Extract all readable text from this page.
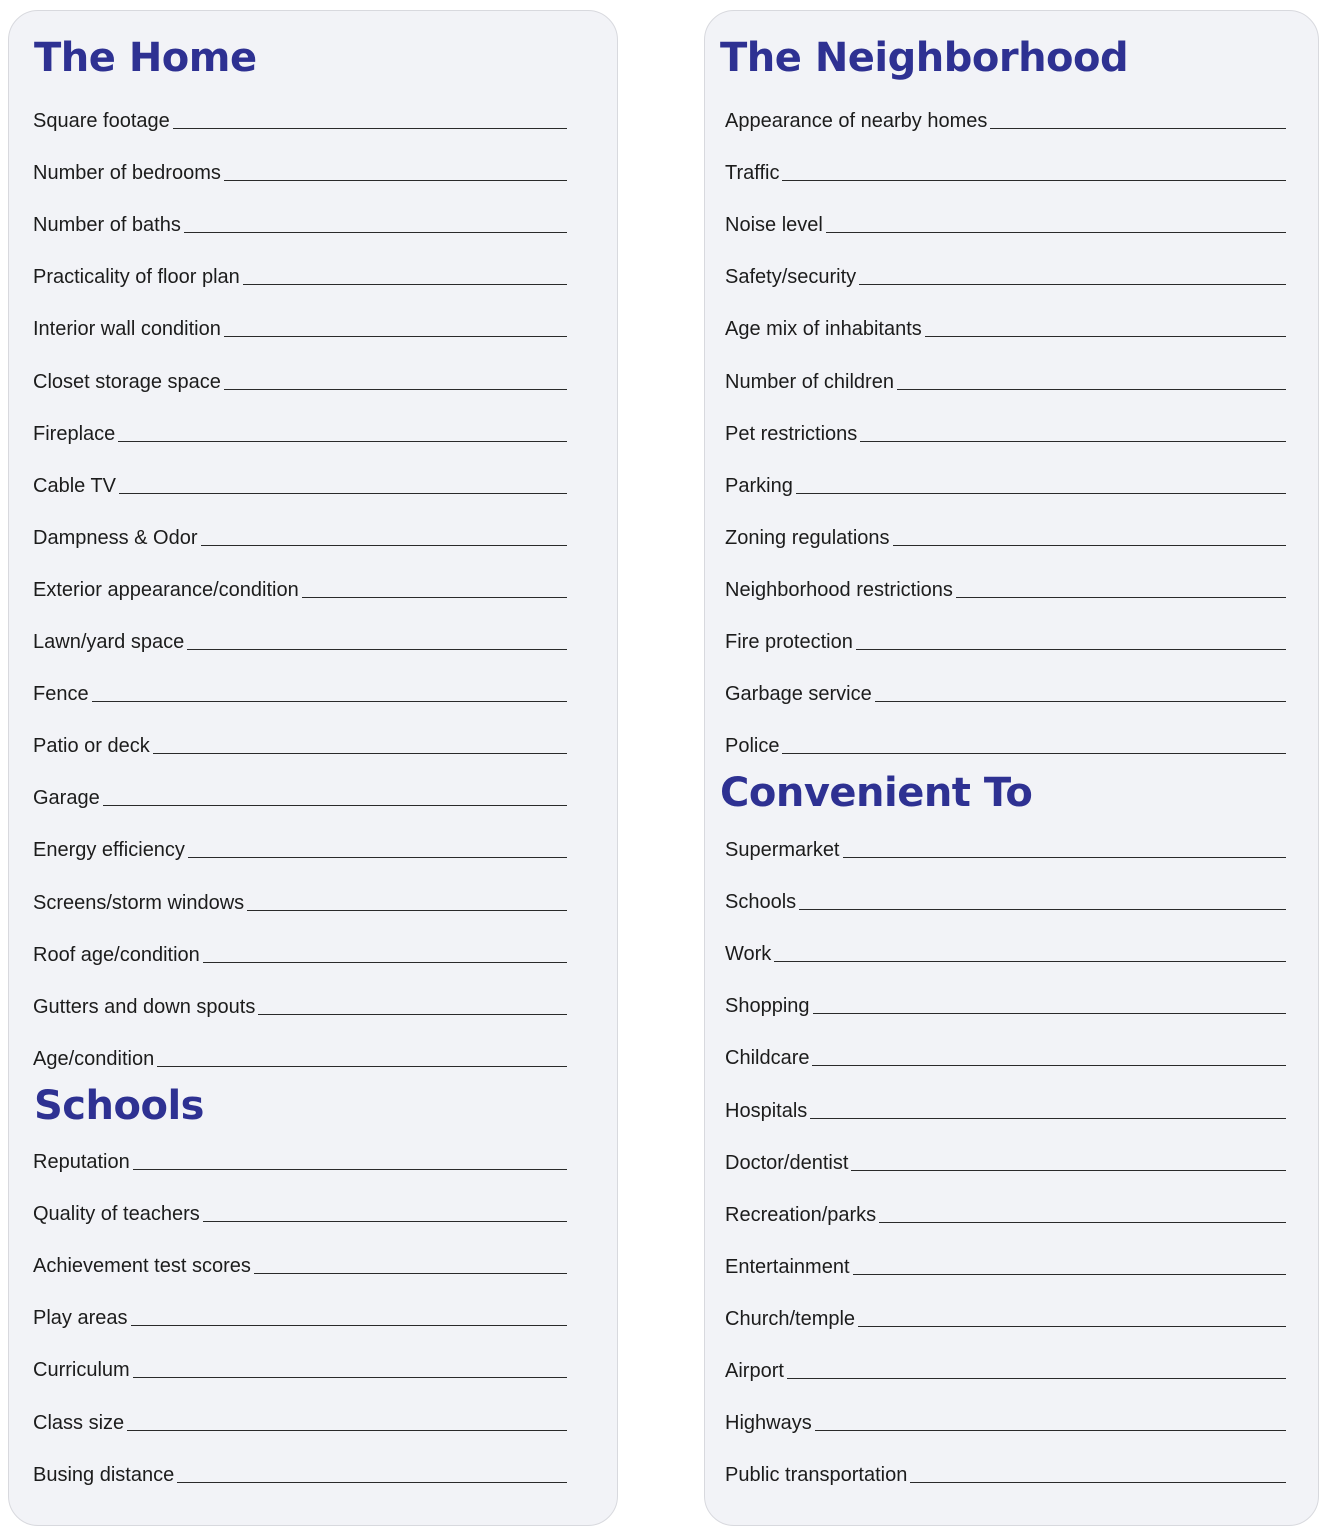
The Home
Square footage
Number of bedrooms
Number of baths
Practicality of floor plan
Interior wall condition
Closet storage space
Fireplace
Cable TV
Dampness & Odor
Exterior appearance/condition
Lawn/yard space
Fence
Patio or deck
Garage
Energy efficiency
Screens/storm windows
Roof age/condition
Gutters and down spouts
Age/condition
Schools
Reputation
Quality of teachers
Achievement test scores
Play areas
Curriculum
Class size
Busing distance
The Neighborhood
Appearance of nearby homes
Traffic
Noise level
Safety/security
Age mix of inhabitants
Number of children
Pet restrictions
Parking
Zoning regulations
Neighborhood restrictions
Fire protection
Garbage service
Police
Convenient To
Supermarket
Schools
Work
Shopping
Childcare
Hospitals
Doctor/dentist
Recreation/parks
Entertainment
Church/temple
Airport
Highways
Public transportation
